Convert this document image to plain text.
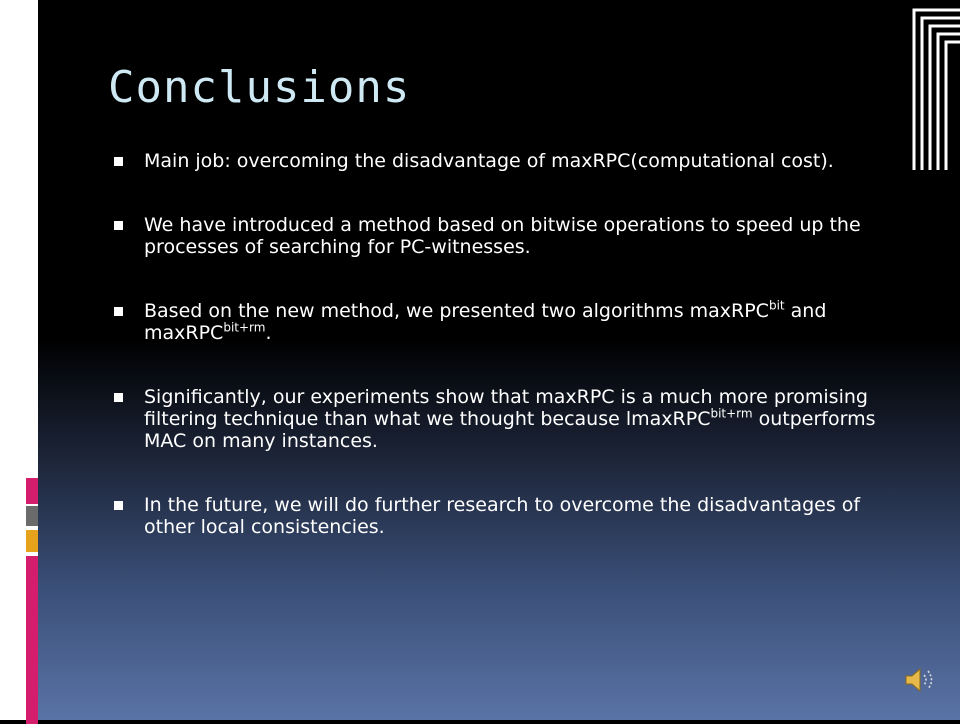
Conclusions
Main job: overcoming the disadvantage of maxRPC(computational cost).
We have introduced a method based on bitwise operations to speed up the processes of searching for PC-witnesses.
Based on the new method, we presented two algorithms maxRPC$^{bit}$ and maxRPC$^{bit+rm}$.
Significantly, our experiments show that maxRPC is a much more promising filtering technique than what we thought because lmaxRPC$^{bit+rm}$ outperforms MAC on many instances.
In the future, we will do further research to overcome the disadvantages of other local consistencies.
